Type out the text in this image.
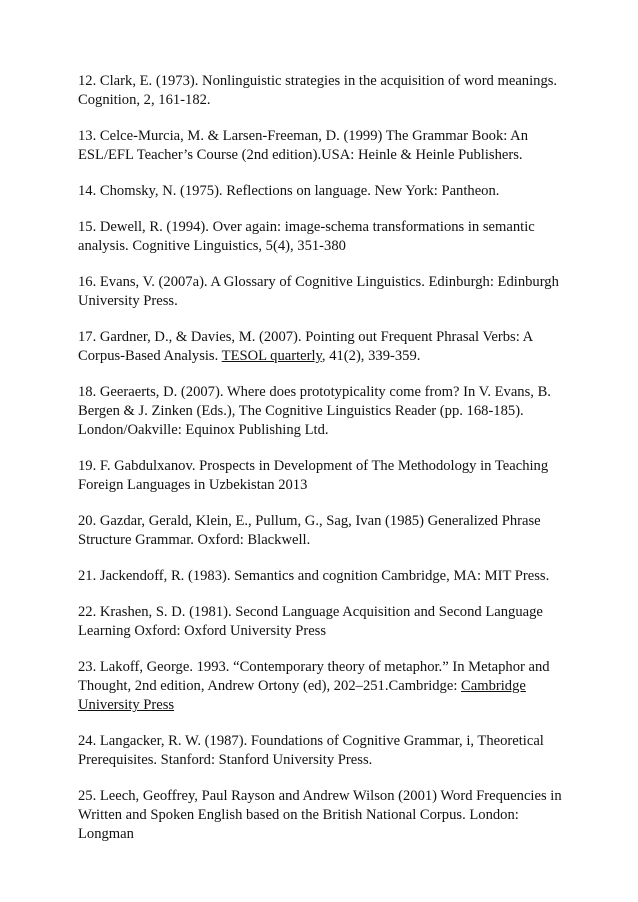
12. Clark, E. (1973). Nonlinguistic strategies in the acquisition of word meanings. Cognition, 2, 161-182.

13. Celce-Murcia, M. & Larsen-Freeman, D. (1999) The Grammar Book: An ESL/EFL Teacher’s Course (2nd edition).USA: Heinle & Heinle Publishers.

14. Chomsky, N. (1975). Reflections on language. New York: Pantheon.

15. Dewell, R. (1994). Over again: image-schema transformations in semantic analysis. Cognitive Linguistics, 5(4), 351-380

16. Evans, V. (2007a). A Glossary of Cognitive Linguistics. Edinburgh: Edinburgh University Press.

17. Gardner, D., & Davies, M. (2007). Pointing out Frequent Phrasal Verbs: A Corpus-Based Analysis. TESOL quarterly, 41(2), 339-359.

18. Geeraerts, D. (2007). Where does prototypicality come from? In V. Evans, B. Bergen & J. Zinken (Eds.), The Cognitive Linguistics Reader (pp. 168-185). London/Oakville: Equinox Publishing Ltd.

19. F. Gabdulxanov. Prospects in Development of The Methodology in Teaching Foreign Languages in Uzbekistan 2013

20. Gazdar, Gerald, Klein, E., Pullum, G., Sag, Ivan (1985) Generalized Phrase Structure Grammar. Oxford: Blackwell.

21. Jackendoff, R. (1983). Semantics and cognition Cambridge, MA: MIT Press.

22. Krashen, S. D. (1981). Second Language Acquisition and Second Language Learning Oxford: Oxford University Press

23. Lakoff, George. 1993. “Contemporary theory of metaphor.” In Metaphor and Thought, 2nd edition, Andrew Ortony (ed), 202–251.Cambridge: Cambridge University Press

24. Langacker, R. W. (1987). Foundations of Cognitive Grammar, i, Theoretical Prerequisites. Stanford: Stanford University Press.

25. Leech, Geoffrey, Paul Rayson and Andrew Wilson (2001) Word Frequencies in Written and Spoken English based on the British National Corpus. London: Longman
